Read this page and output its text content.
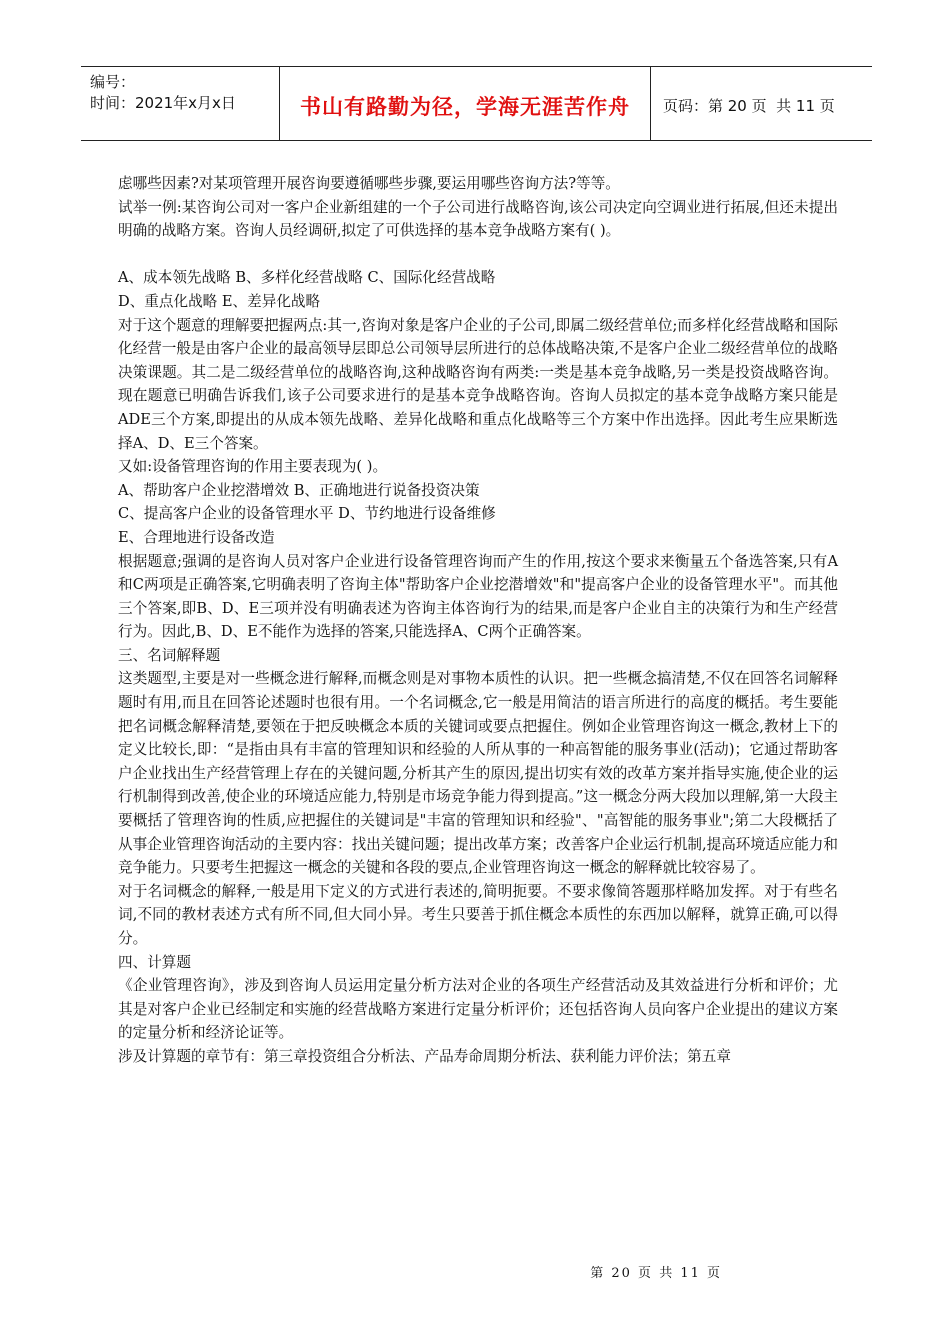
编号：
时间：2021年x月x日	书山有路勤为径，学海无涯苦作舟	页码：第 20 页  共 11 页

虑哪些因素?对某项管理开展咨询要遵循哪些步骤,要运用哪些咨询方法?等等。

试举一例:某咨询公司对一客户企业新组建的一个子公司进行战略咨询,该公司决定向空调业进行拓展,但还未提出明确的战略方案。咨询人员经调研,拟定了可供选择的基本竞争战略方案有( )。

A、成本领先战略 B、多样化经营战略 C、国际化经营战略

D、重点化战略 E、差异化战略

对于这个题意的理解要把握两点:其一,咨询对象是客户企业的子公司,即属二级经营单位;而多样化经营战略和国际化经营一般是由客户企业的最高领导层即总公司领导层所进行的总体战略决策,不是客户企业二级经营单位的战略决策课题。其二是二级经营单位的战略咨询,这种战略咨询有两类:一类是基本竞争战略,另一类是投资战略咨询。现在题意已明确告诉我们,该子公司要求进行的是基本竞争战略咨询。咨询人员拟定的基本竞争战略方案只能是ADE三个方案,即提出的从成本领先战略、差异化战略和重点化战略等三个方案中作出选择。因此考生应果断选择A、D、E三个答案。

又如:设备管理咨询的作用主要表现为( )。

A、帮助客户企业挖潜增效 B、正确地进行说备投资决策

C、提高客户企业的设备管理水平 D、节约地进行设备维修

E、合理地进行设备改造

根据题意;强调的是咨询人员对客户企业进行设备管理咨询而产生的作用,按这个要求来衡量五个备选答案,只有A和C两项是正确答案,它明确表明了咨询主体"帮助客户企业挖潜增效"和"提高客户企业的设备管理水平"。而其他三个答案,即B、D、E三项并没有明确表述为咨询主体咨询行为的结果,而是客户企业自主的决策行为和生产经营行为。因此,B、D、E不能作为选择的答案,只能选择A、C两个正确答案。

三、名词解释题

这类题型,主要是对一些概念进行解释,而概念则是对事物本质性的认识。把一些概念搞清楚,不仅在回答名词解释题时有用,而且在回答论述题时也很有用。一个名词概念,它一般是用简洁的语言所进行的高度的概括。考生要能把名词概念解释清楚,要领在于把反映概念本质的关键词或要点把握住。例如企业管理咨询这一概念,教材上下的定义比较长,即：“是指由具有丰富的管理知识和经验的人所从事的一种高智能的服务事业(活动)；它通过帮助客户企业找出生产经营管理上存在的关键问题,分析其产生的原因,提出切实有效的改革方案并指导实施,使企业的运行机制得到改善,使企业的环境适应能力,特别是市场竞争能力得到提高。”这一概念分两大段加以理解,第一大段主要概括了管理咨询的性质,应把握住的关键词是"丰富的管理知识和经验"、"高智能的服务事业";第二大段概括了从事企业管理咨询活动的主要内容：找出关键问题；提出改革方案；改善客户企业运行机制,提高环境适应能力和竞争能力。只要考生把握这一概念的关键和各段的要点,企业管理咨询这一概念的解释就比较容易了。

对于名词概念的解释,一般是用下定义的方式进行表述的,简明扼要。不要求像简答题那样略加发挥。对于有些名词,不同的教材表述方式有所不同,但大同小异。考生只要善于抓住概念本质性的东西加以解释，就算正确,可以得分。

四、计算题

《企业管理咨询》，涉及到咨询人员运用定量分析方法对企业的各项生产经营活动及其效益进行分析和评价；尤其是对客户企业已经制定和实施的经营战略方案进行定量分析评价；还包括咨询人员向客户企业提出的建议方案的定量分析和经济论证等。

涉及计算题的章节有：第三章投资组合分析法、产品寿命周期分析法、获利能力评价法；第五章

第 20 页 共 11 页
